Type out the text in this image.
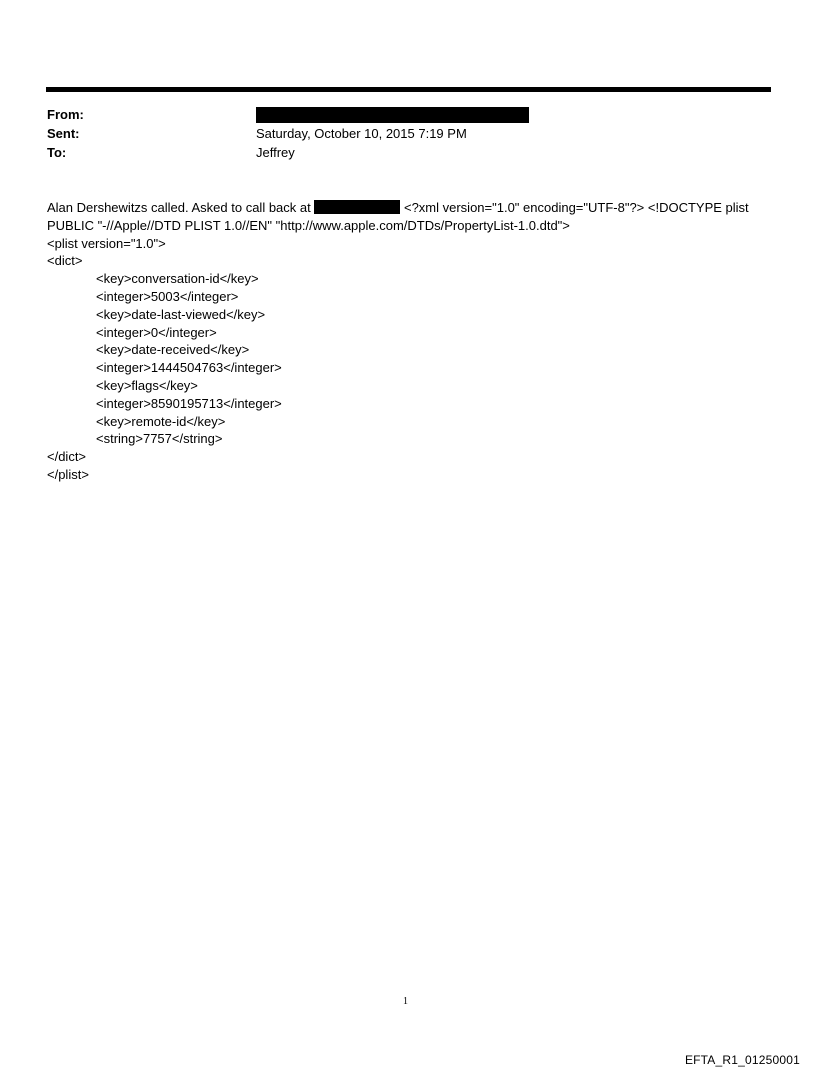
From:
Sent:	Saturday, October 10, 2015 7:19 PM
To:	Jeffrey
Alan Dershewitzs called. Asked to call back at	<?xml version="1.0" encoding="UTF-8"?> <!DOCTYPE plist
PUBLIC "-//Apple//DTD PLIST 1.0//EN" "http://www.apple.com/DTDs/PropertyList-1.0.dtd">
<plist version="1.0">
<dict>
<key>conversation-id</key>
<integer>5003</integer>
<key>date-last-viewed</key>
<integer>0</integer>
<key>date-received</key>
<integer>1444504763</integer>
<key>flags</key>
<integer>8590195713</integer>
<key>remote-id</key>
<string>7757</string>
</dict>
</plist>
1
EFTA_R1_01250001
